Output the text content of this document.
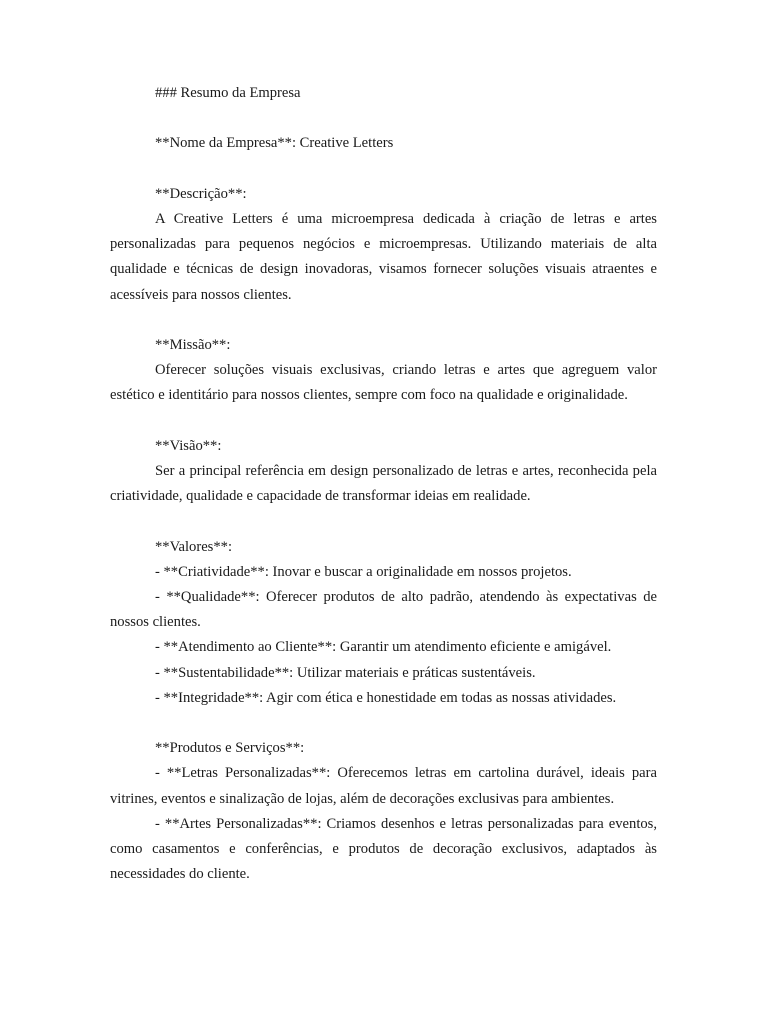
### Resumo da Empresa

**Nome da Empresa**: Creative Letters

**Descrição**:

A Creative Letters é uma microempresa dedicada à criação de letras e artes personalizadas para pequenos negócios e microempresas. Utilizando materiais de alta qualidade e técnicas de design inovadoras, visamos fornecer soluções visuais atraentes e acessíveis para nossos clientes.

**Missão**:

Oferecer soluções visuais exclusivas, criando letras e artes que agreguem valor estético e identitário para nossos clientes, sempre com foco na qualidade e originalidade.

**Visão**:

Ser a principal referência em design personalizado de letras e artes, reconhecida pela criatividade, qualidade e capacidade de transformar ideias em realidade.

**Valores**:

- **Criatividade**: Inovar e buscar a originalidade em nossos projetos.

- **Qualidade**: Oferecer produtos de alto padrão, atendendo às expectativas de nossos clientes.

- **Atendimento ao Cliente**: Garantir um atendimento eficiente e amigável.

- **Sustentabilidade**: Utilizar materiais e práticas sustentáveis.

- **Integridade**: Agir com ética e honestidade em todas as nossas atividades.

**Produtos e Serviços**:

- **Letras Personalizadas**: Oferecemos letras em cartolina durável, ideais para vitrines, eventos e sinalização de lojas, além de decorações exclusivas para ambientes.

- **Artes Personalizadas**: Criamos desenhos e letras personalizadas para eventos, como casamentos e conferências, e produtos de decoração exclusivos, adaptados às necessidades do cliente.
